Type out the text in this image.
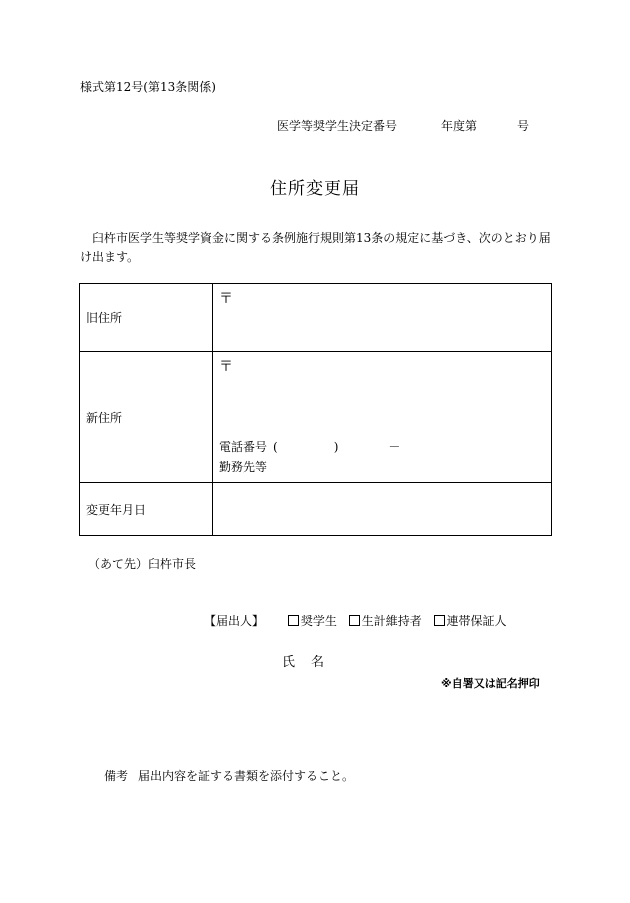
様式第12号(第13条関係)
医学等奨学生決定番号	年度第	号
住所変更届
臼杵市医学生等奨学資金に関する条例施行規則第13条の規定に基づき、次のとおり届け出ます。
旧住所	〒

新住所	〒
電話番号 ( ) －
勤務先等

変更年月日	
（あて先）臼杵市長
【届出人】	奨学生 生計維持者 連帯保証人
氏 名
※自署又は記名押印
備考 届出内容を証する書類を添付すること。
